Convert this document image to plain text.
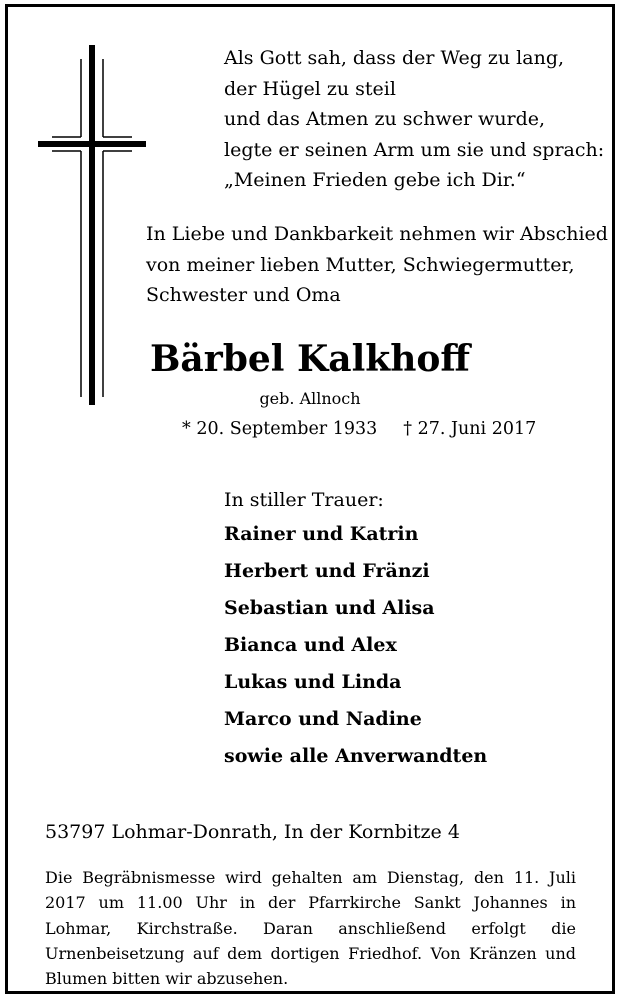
Als Gott sah, dass der Weg zu lang,
der Hügel zu steil
und das Atmen zu schwer wurde,
legte er seinen Arm um sie und sprach:
„Meinen Frieden gebe ich Dir.“
In Liebe und Dankbarkeit nehmen wir Abschied
von meiner lieben Mutter, Schwiegermutter,
Schwester und Oma
Bärbel Kalkhoff
geb. Allnoch
* 20. September 1933 † 27. Juni 2017
In stiller Trauer:
Rainer und Katrin
Herbert und Fränzi
Sebastian und Alisa
Bianca und Alex
Lukas und Linda
Marco und Nadine
sowie alle Anverwandten
53797 Lohmar-Donrath, In der Kornbitze 4

Die Begräbnismesse wird gehalten am Dienstag, den 11. Juli 2017 um 11.00 Uhr in der Pfarrkirche Sankt Johannes in Lohmar, Kirchstraße. Daran anschließend erfolgt die Urnenbeisetzung auf dem dortigen Friedhof. Von Kränzen und Blumen bitten wir abzusehen.
